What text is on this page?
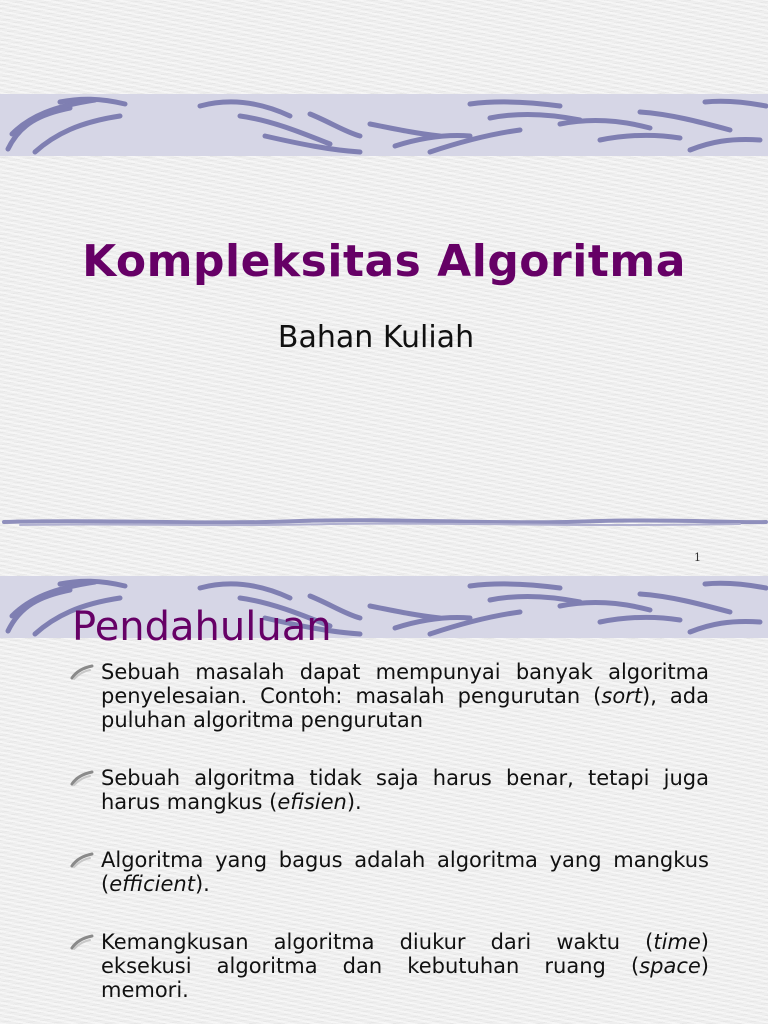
Kompleksitas Algoritma
Bahan Kuliah
1
Pendahuluan
Sebuah masalah dapat mempunyai banyak algoritma penyelesaian. Contoh: masalah pengurutan (sort), ada puluhan algoritma pengurutan
Sebuah algoritma tidak saja harus benar, tetapi juga harus mangkus (efisien).
Algoritma yang bagus adalah algoritma yang mangkus (efficient).
Kemangkusan algoritma diukur dari waktu (time) eksekusi algoritma dan kebutuhan ruang (space) memori.
